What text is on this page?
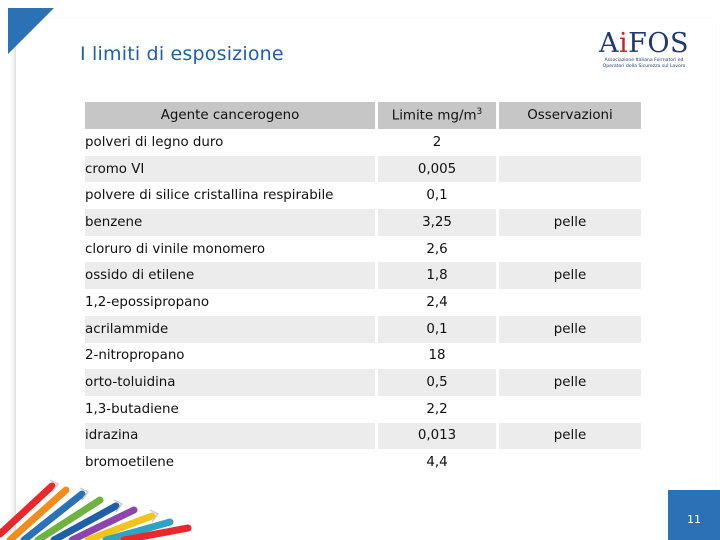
I limiti di esposizione	AiFOS
Associazione Italiana Formatori ed
Operatori della Sicurezza sul Lavoro
Agente cancerogeno	Limite $mg/m^3$	Osservazioni
polveri di legno duro	2	
cromo VI	0,005	
polvere di silice cristallina respirabile	0,1	
benzene	3,25	pelle
cloruro di vinile monomero	2,6	
ossido di etilene	1,8	pelle
1,2-epossipropano	2,4	
acrilammide	0,1	pelle
2-nitropropano	18	
orto-toluidina	0,5	pelle
1,3-butadiene	2,2	
idrazina	0,013	pelle
bromoetilene	4,4	
11
